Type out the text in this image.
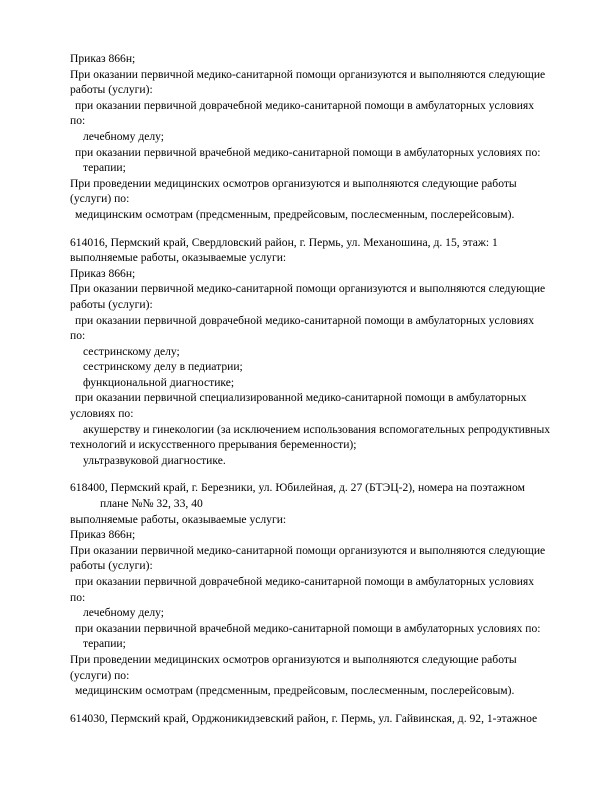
Приказ 866н;
При оказании первичной медико-санитарной помощи организуются и выполняются следующие
работы (услуги):
при оказании первичной доврачебной медико-санитарной помощи в амбулаторных условиях
по:
лечебному делу;
при оказании первичной врачебной медико-санитарной помощи в амбулаторных условиях по:
терапии;
При проведении медицинских осмотров организуются и выполняются следующие работы
(услуги) по:
медицинским осмотрам (предсменным, предрейсовым, послесменным, послерейсовым).
614016, Пермский край, Свердловский район, г. Пермь, ул. Механошина, д. 15, этаж: 1
выполняемые работы, оказываемые услуги:
Приказ 866н;
При оказании первичной медико-санитарной помощи организуются и выполняются следующие
работы (услуги):
при оказании первичной доврачебной медико-санитарной помощи в амбулаторных условиях
по:
сестринскому делу;
сестринскому делу в педиатрии;
функциональной диагностике;
при оказании первичной специализированной медико-санитарной помощи в амбулаторных
условиях по:
акушерству и гинекологии (за исключением использования вспомогательных репродуктивных
технологий и искусственного прерывания беременности);
ультразвуковой диагностике.
618400, Пермский край, г. Березники, ул. Юбилейная, д. 27 (БТЭЦ-2), номера на поэтажном
плане №№ 32, 33, 40
выполняемые работы, оказываемые услуги:
Приказ 866н;
При оказании первичной медико-санитарной помощи организуются и выполняются следующие
работы (услуги):
при оказании первичной доврачебной медико-санитарной помощи в амбулаторных условиях
по:
лечебному делу;
при оказании первичной врачебной медико-санитарной помощи в амбулаторных условиях по:
терапии;
При проведении медицинских осмотров организуются и выполняются следующие работы
(услуги) по:
медицинским осмотрам (предсменным, предрейсовым, послесменным, послерейсовым).
614030, Пермский край, Орджоникидзевский район, г. Пермь, ул. Гайвинская, д. 92, 1-этажное
